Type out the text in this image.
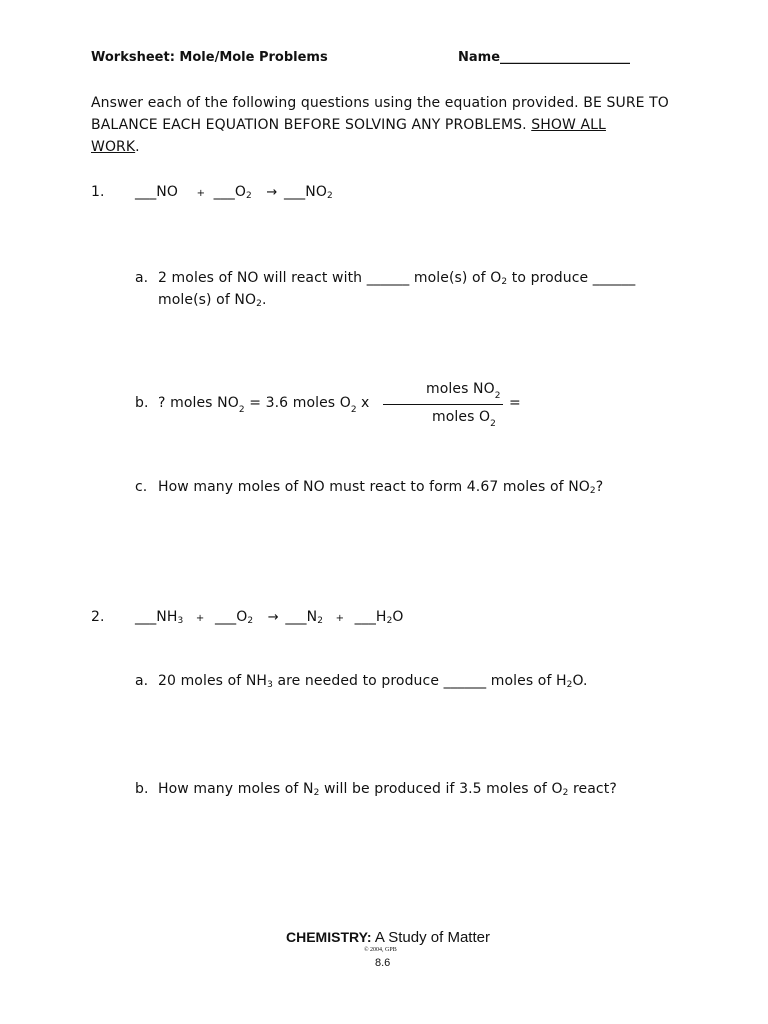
Worksheet: Mole/Mole Problems	Name____________________
Answer each of the following questions using the equation provided. BE SURE TO
BALANCE EACH EQUATION BEFORE SOLVING ANY PROBLEMS. SHOW ALL
WORK.
1. ___NO + $\_\_\_O_2$ → $\_\_\_NO_2$
a. 2 moles of NO will react with ______ mole(s) of $O_2$ to produce ______
mole(s) of $NO_2$.
b. ? moles $NO_2 = 3.6$ moles $O_2$ x
moles $NO_2$
moles $O_2$
=
c. How many moles of NO must react to form 4.67 moles of $NO_2$?
2. $\_\_\_NH_3$ + $\_\_\_O_2$ → $\_\_\_N_2$ + $\_\_\_H_2O$
a. 20 moles of $NH_3$ are needed to produce ______ moles of $H_2O$.
b. How many moles of $N_2$ will be produced if 3.5 moles of $O_2$ react?
CHEMISTRY: A Study of Matter
© 2004, GPB
8.6
